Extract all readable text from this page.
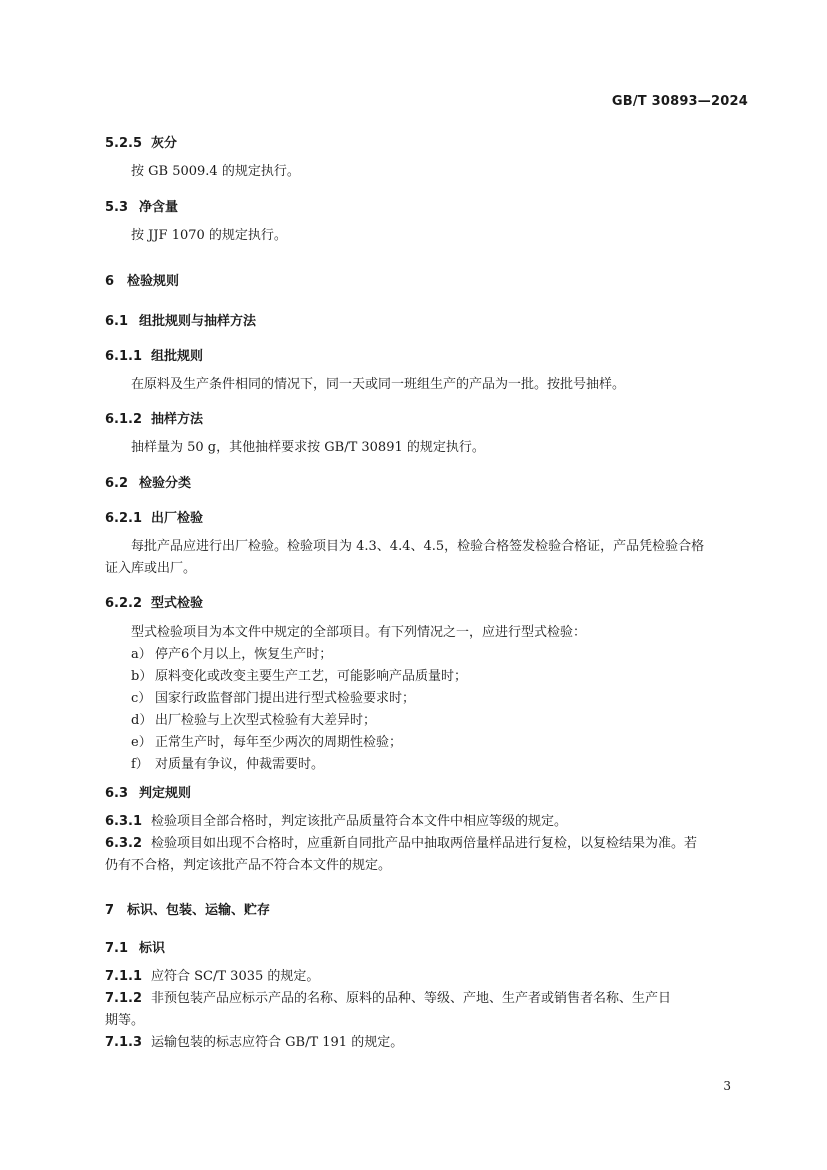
GB/T 30893—2024
5.2.5 灰分
按 GB 5009.4 的规定执行。
5.3 净含量
按 JJF 1070 的规定执行。
6 检验规则
6.1 组批规则与抽样方法
6.1.1 组批规则
在原料及生产条件相同的情况下，同一天或同一班组生产的产品为一批。按批号抽样。
6.1.2 抽样方法
抽样量为 50 g，其他抽样要求按 GB/T 30891 的规定执行。
6.2 检验分类
6.2.1 出厂检验
每批产品应进行出厂检验。检验项目为 4.3、4.4、4.5，检验合格签发检验合格证，产品凭检验合格
证入库或出厂。
6.2.2 型式检验
型式检验项目为本文件中规定的全部项目。有下列情况之一，应进行型式检验：
a） 停产6个月以上，恢复生产时；
b） 原料变化或改变主要生产工艺，可能影响产品质量时；
c） 国家行政监督部门提出进行型式检验要求时；
d） 出厂检验与上次型式检验有大差异时；
e） 正常生产时，每年至少两次的周期性检验；
f） 对质量有争议，仲裁需要时。
6.3 判定规则
6.3.1 检验项目全部合格时，判定该批产品质量符合本文件中相应等级的规定。
6.3.2 检验项目如出现不合格时，应重新自同批产品中抽取两倍量样品进行复检，以复检结果为准。若
仍有不合格，判定该批产品不符合本文件的规定。
7 标识、包装、运输、贮存
7.1 标识
7.1.1 应符合 SC/T 3035 的规定。
7.1.2 非预包装产品应标示产品的名称、原料的品种、等级、产地、生产者或销售者名称、生产日
期等。
7.1.3 运输包装的标志应符合 GB/T 191 的规定。
3
